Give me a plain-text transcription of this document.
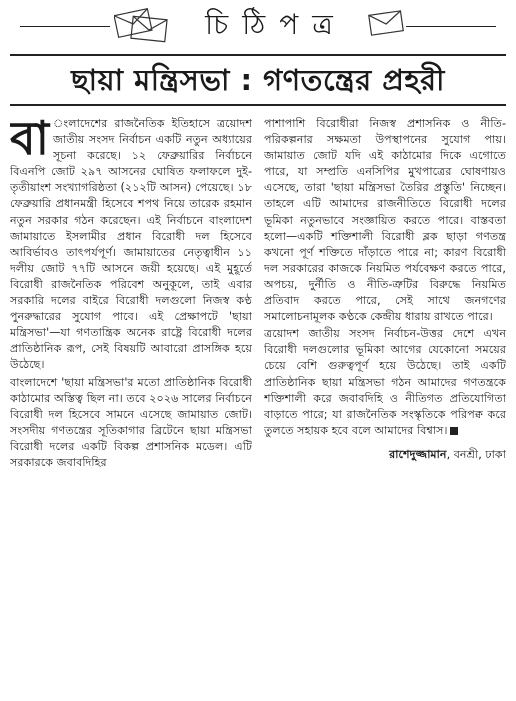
চিঠিপত্র
ছায়া মন্ত্রিসভা : গণতন্ত্রের প্রহরী

বা ংলাদেশের রাজনৈতিক ইতিহাসে ত্রয়োদশ জাতীয় সংসদ নির্বাচন একটি নতুন অধ্যায়ের সূচনা করেছে। ১২ ফেব্রুয়ারির নির্বাচনে বিএনপি জোট ২৯৭ আসনের ঘোষিত ফলাফলে দুই-তৃতীয়াংশ সংখ্যাগরিষ্ঠতা (২১২টি আসন) পেয়েছে। ১৮ ফেব্রুয়ারি প্রধানমন্ত্রী হিসেবে শপথ নিয়ে তারেক রহমান নতুন সরকার গঠন করেছেন। এই নির্বাচনে বাংলাদেশ জামায়াতে ইসলামীর প্রধান বিরোধী দল হিসেবে আবির্ভাবও তাৎপর্যপূর্ণ। জামায়াতের নেতৃত্বাধীন ১১ দলীয় জোট ৭৭টি আসনে জয়ী হয়েছে। এই মুহূর্তে বিরোধী রাজনৈতিক পরিবেশ অনুকূলে, তাই এবার সরকারি দলের বাইরে বিরোধী দলগুলো নিজস্ব কণ্ঠ পুনরুদ্ধারের সুযোগ পাবে। এই প্রেক্ষাপটে 'ছায়া মন্ত্রিসভা'—যা গণতান্ত্রিক অনেক রাষ্ট্রে বিরোধী দলের প্রাতিষ্ঠানিক রূপ, সেই বিষয়টি আবারো প্রাসঙ্গিক হয়ে উঠেছে।

বাংলাদেশে 'ছায়া মন্ত্রিসভা'র মতো প্রাতিষ্ঠানিক বিরোধী কাঠামোর অস্তিত্ব ছিল না। তবে ২০২৬ সালের নির্বাচনে বিরোধী দল হিসেবে সামনে এসেছে জামায়াত জোট। সংসদীয় গণতন্ত্রের সূতিকাগার ব্রিটেনে ছায়া মন্ত্রিসভা বিরোধী দলের একটি বিকল্প প্রশাসনিক মডেল। এটি সরকারকে জবাবদিহির

পাশাপাশি বিরোধীরা নিজস্ব প্রশাসনিক ও নীতি-পরিকল্পনার সক্ষমতা উপস্থাপনের সুযোগ পায়। জামায়াত জোট যদি এই কাঠামোর দিকে এগোতে পারে, যা সম্প্রতি এনসিপির মুখপাত্রের ঘোষণায়ও এসেছে, তারা 'ছায়া মন্ত্রিসভা তৈরির প্রস্তুতি' নিচ্ছেন। তাহলে এটি আমাদের রাজনীতিতে বিরোধী দলের ভূমিকা নতুনভাবে সংজ্ঞায়িত করতে পারে। বাস্তবতা হলো—একটি শক্তিশালী বিরোধী ব্লক ছাড়া গণতন্ত্র কখনো পূর্ণ শক্তিতে দাঁড়াতে পারে না; কারণ বিরোধী দল সরকারের কাজকে নিয়মিত পর্যবেক্ষণ করতে পারে, অপচয়, দুর্নীতি ও নীতি-ত্রুটির বিরুদ্ধে নিয়মিত প্রতিবাদ করতে পারে, সেই সাথে জনগণের সমালোচনামূলক কণ্ঠকে কেন্দ্রীয় ধারায় রাখতে পারে।

ত্রয়োদশ জাতীয় সংসদ নির্বাচন-উত্তর দেশে এখন বিরোধী দলগুলোর ভূমিকা আগের যেকোনো সময়ের চেয়ে বেশি গুরুত্বপূর্ণ হয়ে উঠেছে। তাই একটি প্রাতিষ্ঠানিক ছায়া মন্ত্রিসভা গঠন আমাদের গণতন্ত্রকে শক্তিশালী করে জবাবদিহি ও নীতিগত প্রতিযোগিতা বাড়াতে পারে; যা রাজনৈতিক সংস্কৃতিকে পরিপক্ব করে তুলতে সহায়ক হবে বলে আমাদের বিশ্বাস।

রাশেদুজ্জামান, বনশ্রী, ঢাকা
